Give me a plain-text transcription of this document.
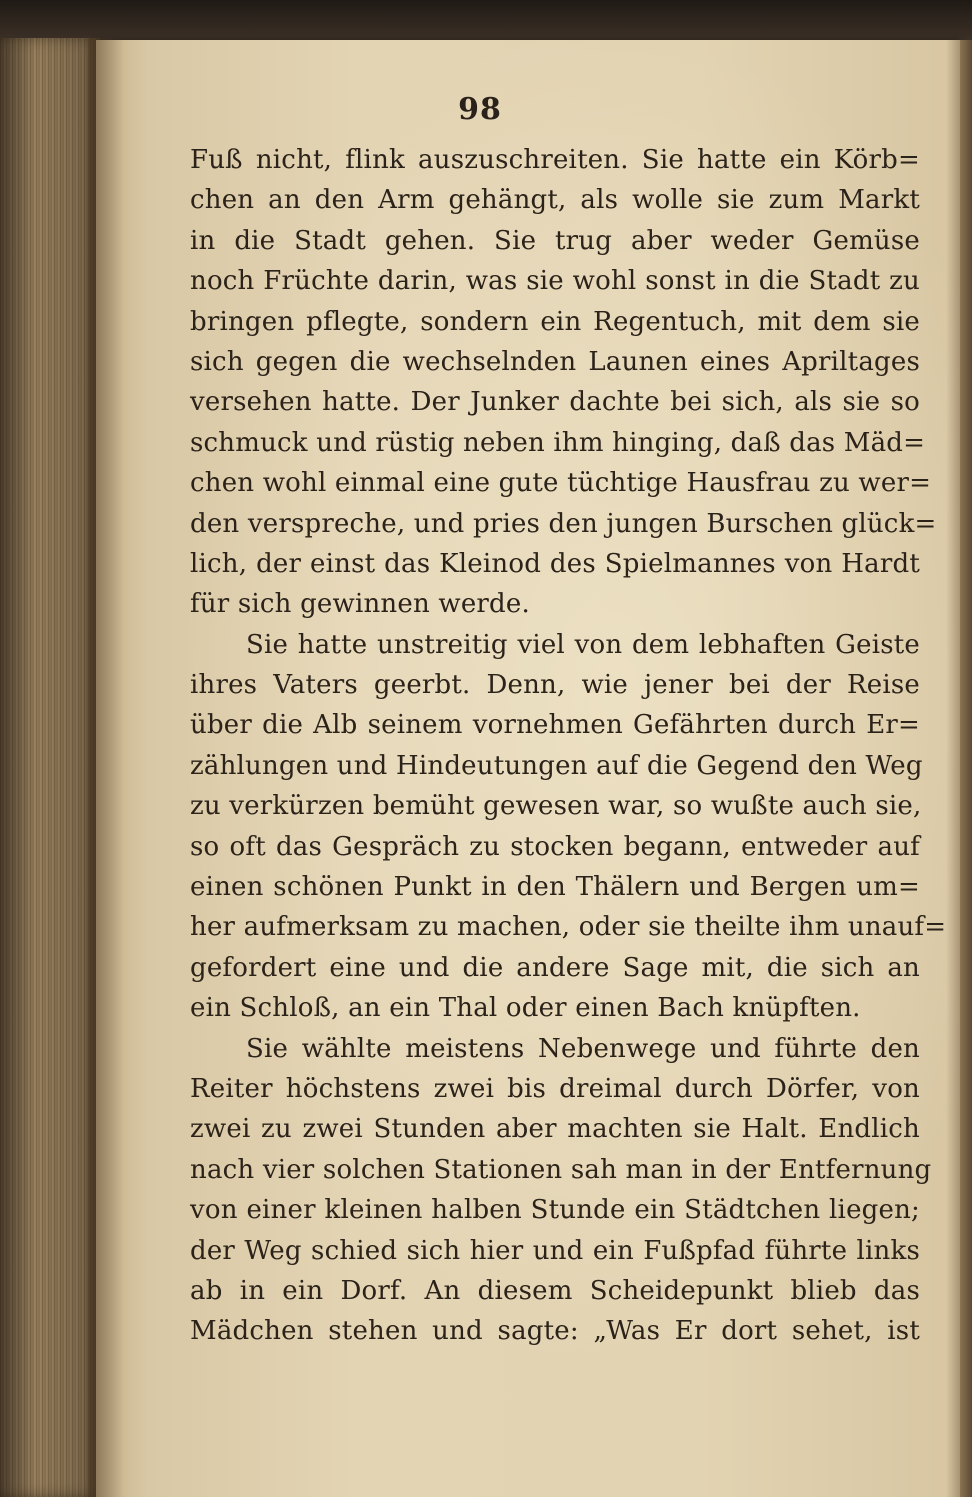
98
Fuß nicht, flink auszuschreiten. Sie hatte ein Körb=
chen an den Arm gehängt, als wolle sie zum Markt
in die Stadt gehen. Sie trug aber weder Gemüse
noch Früchte darin, was sie wohl sonst in die Stadt zu
bringen pflegte, sondern ein Regentuch, mit dem sie
sich gegen die wechselnden Launen eines Apriltages
versehen hatte. Der Junker dachte bei sich, als sie so
schmuck und rüstig neben ihm hinging, daß das Mäd=
chen wohl einmal eine gute tüchtige Hausfrau zu wer=
den verspreche, und pries den jungen Burschen glück=
lich, der einst das Kleinod des Spielmannes von Hardt
für sich gewinnen werde.
Sie hatte unstreitig viel von dem lebhaften Geiste
ihres Vaters geerbt. Denn, wie jener bei der Reise
über die Alb seinem vornehmen Gefährten durch Er=
zählungen und Hindeutungen auf die Gegend den Weg
zu verkürzen bemüht gewesen war, so wußte auch sie,
so oft das Gespräch zu stocken begann, entweder auf
einen schönen Punkt in den Thälern und Bergen um=
her aufmerksam zu machen, oder sie theilte ihm unauf=
gefordert eine und die andere Sage mit, die sich an
ein Schloß, an ein Thal oder einen Bach knüpften.
Sie wählte meistens Nebenwege und führte den
Reiter höchstens zwei bis dreimal durch Dörfer, von
zwei zu zwei Stunden aber machten sie Halt. Endlich
nach vier solchen Stationen sah man in der Entfernung
von einer kleinen halben Stunde ein Städtchen liegen;
der Weg schied sich hier und ein Fußpfad führte links
ab in ein Dorf. An diesem Scheidepunkt blieb das
Mädchen stehen und sagte: „Was Er dort sehet, ist
